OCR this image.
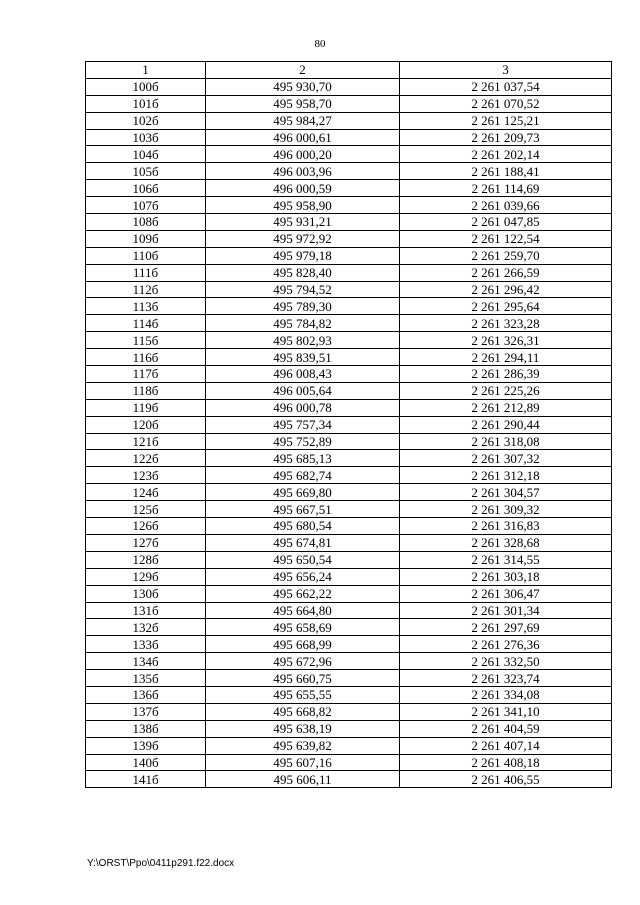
80
1	2	3
100б	495 930,70	2 261 037,54
101б	495 958,70	2 261 070,52
102б	495 984,27	2 261 125,21
103б	496 000,61	2 261 209,73
104б	496 000,20	2 261 202,14
105б	496 003,96	2 261 188,41
106б	496 000,59	2 261 114,69
107б	495 958,90	2 261 039,66
108б	495 931,21	2 261 047,85
109б	495 972,92	2 261 122,54
110б	495 979,18	2 261 259,70
111б	495 828,40	2 261 266,59
112б	495 794,52	2 261 296,42
113б	495 789,30	2 261 295,64
114б	495 784,82	2 261 323,28
115б	495 802,93	2 261 326,31
116б	495 839,51	2 261 294,11
117б	496 008,43	2 261 286,39
118б	496 005,64	2 261 225,26
119б	496 000,78	2 261 212,89
120б	495 757,34	2 261 290,44
121б	495 752,89	2 261 318,08
122б	495 685,13	2 261 307,32
123б	495 682,74	2 261 312,18
124б	495 669,80	2 261 304,57
125б	495 667,51	2 261 309,32
126б	495 680,54	2 261 316,83
127б	495 674,81	2 261 328,68
128б	495 650,54	2 261 314,55
129б	495 656,24	2 261 303,18
130б	495 662,22	2 261 306,47
131б	495 664,80	2 261 301,34
132б	495 658,69	2 261 297,69
133б	495 668,99	2 261 276,36
134б	495 672,96	2 261 332,50
135б	495 660,75	2 261 323,74
136б	495 655,55	2 261 334,08
137б	495 668,82	2 261 341,10
138б	495 638,19	2 261 404,59
139б	495 639,82	2 261 407,14
140б	495 607,16	2 261 408,18
141б	495 606,11	2 261 406,55
Y:\ORST\Ppo\0411p291.f22.docx
